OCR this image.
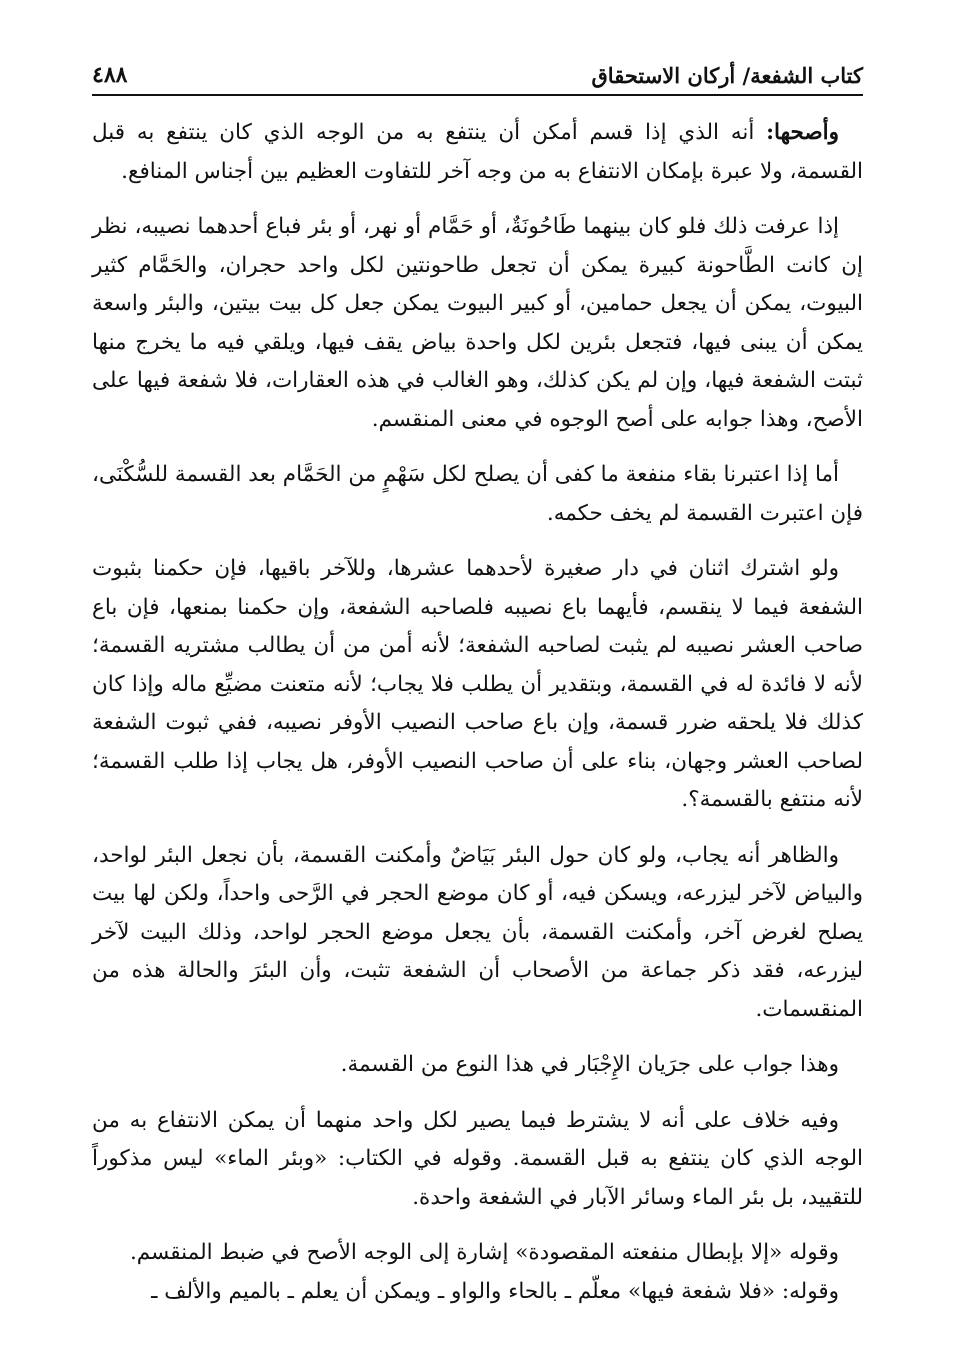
كتاب الشفعة/ أركان الاستحقاق
٤٨٨

وأصحها: أنه الذي إذا قسم أمكن أن ينتفع به من الوجه الذي كان ينتفع به قبل القسمة، ولا عبرة بإمكان الانتفاع به من وجه آخر للتفاوت العظيم بين أجناس المنافع.

إذا عرفت ذلك فلو كان بينهما طَاحُونَةٌ، أو حَمَّام أو نهر، أو بئر فباع أحدهما نصيبه، نظر إن كانت الطَّاحونة كبيرة يمكن أن تجعل طاحونتين لكل واحد حجران، والحَمَّام كثير البيوت، يمكن أن يجعل حمامين، أو كبير البيوت يمكن جعل كل بيت بيتين، والبئر واسعة يمكن أن يبنى فيها، فتجعل بئرين لكل واحدة بياض يقف فيها، ويلقي فيه ما يخرج منها ثبتت الشفعة فيها، وإن لم يكن كذلك، وهو الغالب في هذه العقارات، فلا شفعة فيها على الأصح، وهذا جوابه على أصح الوجوه في معنى المنقسم.

أما إذا اعتبرنا بقاء منفعة ما كفى أن يصلح لكل سَهْمٍ من الحَمَّام بعد القسمة للسُّكْنَى، فإن اعتبرت القسمة لم يخف حكمه.

ولو اشترك اثنان في دار صغيرة لأحدهما عشرها، وللآخر باقيها، فإن حكمنا بثبوت الشفعة فيما لا ينقسم، فأيهما باع نصيبه فلصاحبه الشفعة، وإن حكمنا بمنعها، فإن باع صاحب العشر نصيبه لم يثبت لصاحبه الشفعة؛ لأنه أمن من أن يطالب مشتريه القسمة؛ لأنه لا فائدة له في القسمة، وبتقدير أن يطلب فلا يجاب؛ لأنه متعنت مضيِّع ماله وإذا كان كذلك فلا يلحقه ضرر قسمة، وإن باع صاحب النصيب الأوفر نصيبه، ففي ثبوت الشفعة لصاحب العشر وجهان، بناء على أن صاحب النصيب الأوفر، هل يجاب إذا طلب القسمة؛ لأنه منتفع بالقسمة؟.

والظاهر أنه يجاب، ولو كان حول البئر بَيَاضٌ وأمكنت القسمة، بأن نجعل البئر لواحد، والبياض لآخر ليزرعه، ويسكن فيه، أو كان موضع الحجر في الرَّحى واحداً، ولكن لها بيت يصلح لغرض آخر، وأمكنت القسمة، بأن يجعل موضع الحجر لواحد، وذلك البيت لآخر ليزرعه، فقد ذكر جماعة من الأصحاب أن الشفعة تثبت، وأن البئرَ والحالة هذه من المنقسمات.

وهذا جواب على جرَيان الإِجْبَار في هذا النوع من القسمة.

وفيه خلاف على أنه لا يشترط فيما يصير لكل واحد منهما أن يمكن الانتفاع به من الوجه الذي كان ينتفع به قبل القسمة. وقوله في الكتاب: «وبئر الماء» ليس مذكوراً للتقييد، بل بئر الماء وسائر الآبار في الشفعة واحدة.

وقوله «إلا بإبطال منفعته المقصودة» إشارة إلى الوجه الأصح في ضبط المنقسم.

وقوله: «فلا شفعة فيها» معلّم ـ بالحاء والواو ـ ويمكن أن يعلم ـ بالميم والألف ـ
